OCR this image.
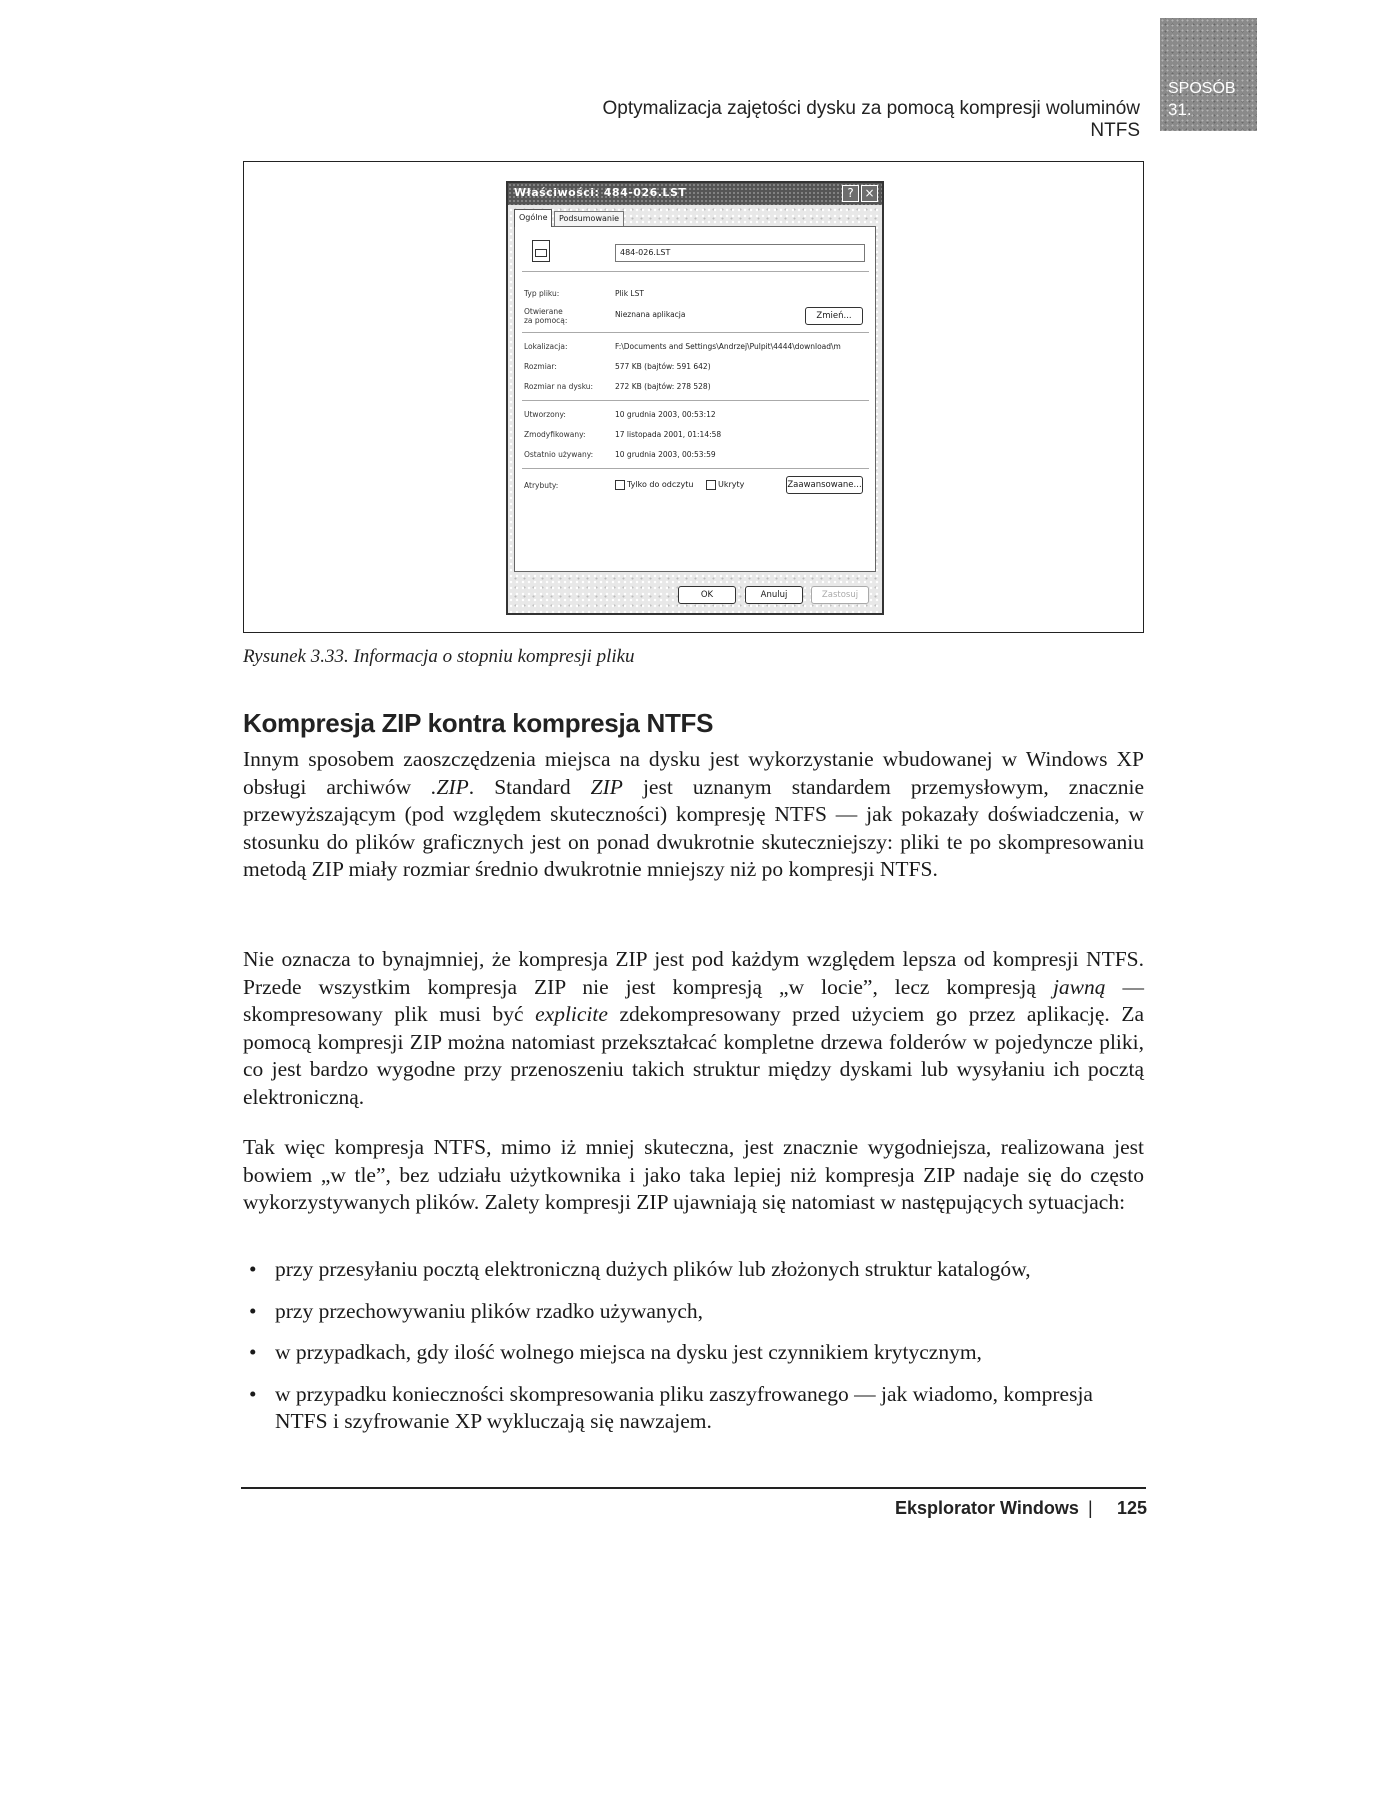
Optymalizacja zajętości dysku za pomocą kompresji woluminów NTFS
SPOSÓB
31.
Właściwości: 484-026.LST	? ×
Ogólne	Podsumowanie
484-026.LST
Typ pliku:	Plik LST
Otwierane
za pomocą:
Nieznana aplikacja	Zmień...
Lokalizacja:	F:\Documents and Settings\Andrzej\Pulpit\4444\download\m
Rozmiar:	577 KB (bajtów: 591 642)
Rozmiar na dysku:	272 KB (bajtów: 278 528)
Utworzony:	10 grudnia 2003, 00:53:12
Zmodyfikowany:	17 listopada 2001, 01:14:58
Ostatnio używany:	10 grudnia 2003, 00:53:59
Atrybuty:	Tylko do odczytu	Ukryty	Zaawansowane...
OK	Anuluj	Zastosuj
Rysunek 3.33. Informacja o stopniu kompresji pliku
Kompresja ZIP kontra kompresja NTFS

Innym sposobem zaoszczędzenia miejsca na dysku jest wykorzystanie wbudowanej w Windows XP obsługi archiwów .ZIP. Standard ZIP jest uznanym standardem przemysłowym, znacznie przewyższającym (pod względem skuteczności) kompresję NTFS — jak pokazały doświadczenia, w stosunku do plików graficznych jest on ponad dwukrotnie skuteczniejszy: pliki te po skompresowaniu metodą ZIP miały rozmiar średnio dwukrotnie mniejszy niż po kompresji NTFS.

Nie oznacza to bynajmniej, że kompresja ZIP jest pod każdym względem lepsza od kompresji NTFS. Przede wszystkim kompresja ZIP nie jest kompresją „w locie”, lecz kompresją jawną — skompresowany plik musi być explicite zdekompresowany przed użyciem go przez aplikację. Za pomocą kompresji ZIP można natomiast przekształcać kompletne drzewa folderów w pojedyncze pliki, co jest bardzo wygodne przy przenoszeniu takich struktur między dyskami lub wysyłaniu ich pocztą elektroniczną.

Tak więc kompresja NTFS, mimo iż mniej skuteczna, jest znacznie wygodniejsza, realizowana jest bowiem „w tle”, bez udziału użytkownika i jako taka lepiej niż kompresja ZIP nadaje się do często wykorzystywanych plików. Zalety kompresji ZIP ujawniają się natomiast w następujących sytuacjach:

• przy przesyłaniu pocztą elektroniczną dużych plików lub złożonych struktur katalogów,
• przy przechowywaniu plików rzadko używanych,
• w przypadkach, gdy ilość wolnego miejsca na dysku jest czynnikiem krytycznym,
• w przypadku konieczności skompresowania pliku zaszyfrowanego — jak wiadomo, kompresja NTFS i szyfrowanie XP wykluczają się nawzajem.
Eksplorator Windows | 125
